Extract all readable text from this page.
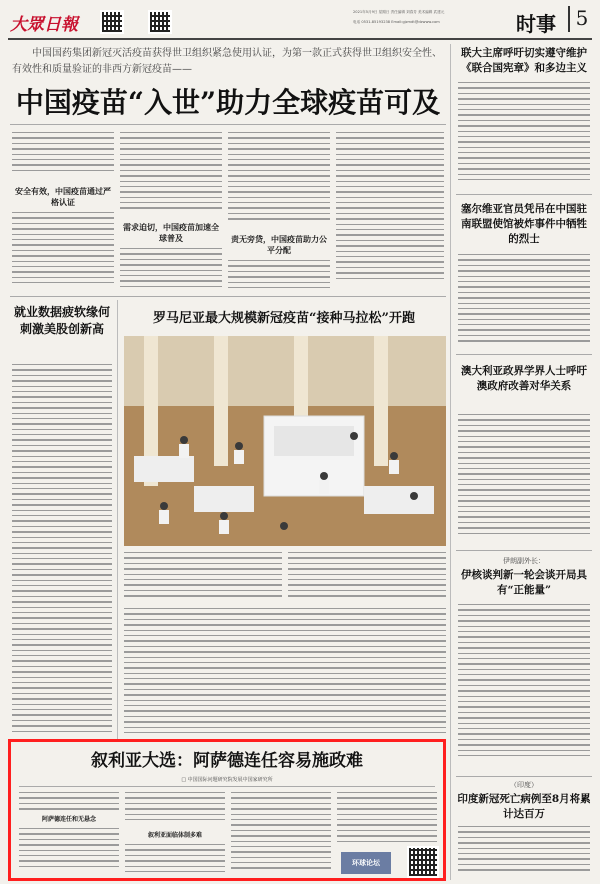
大眾日報
2021年5月9日 星期日 责任编辑 刘春芳 美术编辑 武建元
电话 0531-85193238 Email:gjzmdt@dzwww.com	时事 5
中国国药集团新冠灭活疫苗获得世卫组织紧急使用认证，为第一款正式获得世卫组织安全性、有效性和质量验证的非西方新冠疫苗——
中国疫苗“入世”助力全球疫苗可及
安全有效，中国疫苗通过严格认证
需求迫切，中国疫苗加速全球普及	责无旁贷，中国疫苗助力公平分配
联大主席呼吁切实遵守维护《联合国宪章》和多边主义
塞尔维亚官员凭吊在中国驻南联盟使馆被炸事件中牺牲的烈士
澳大利亚政界学界人士呼吁澳政府改善对华关系
伊朗副外长：
伊核谈判新一轮会谈开局具有“正能量”
（印度）
印度新冠死亡病例至8月将累计达百万
就业数据疲软缘何刺激美股创新高
罗马尼亚最大规模新冠疫苗“接种马拉松”开跑
叙利亚大选：阿萨德连任容易施政难
□ 中国国际问题研究院发展中国家研究所
阿萨德连任和无悬念
叙利亚面临体制多难
环球论坛
